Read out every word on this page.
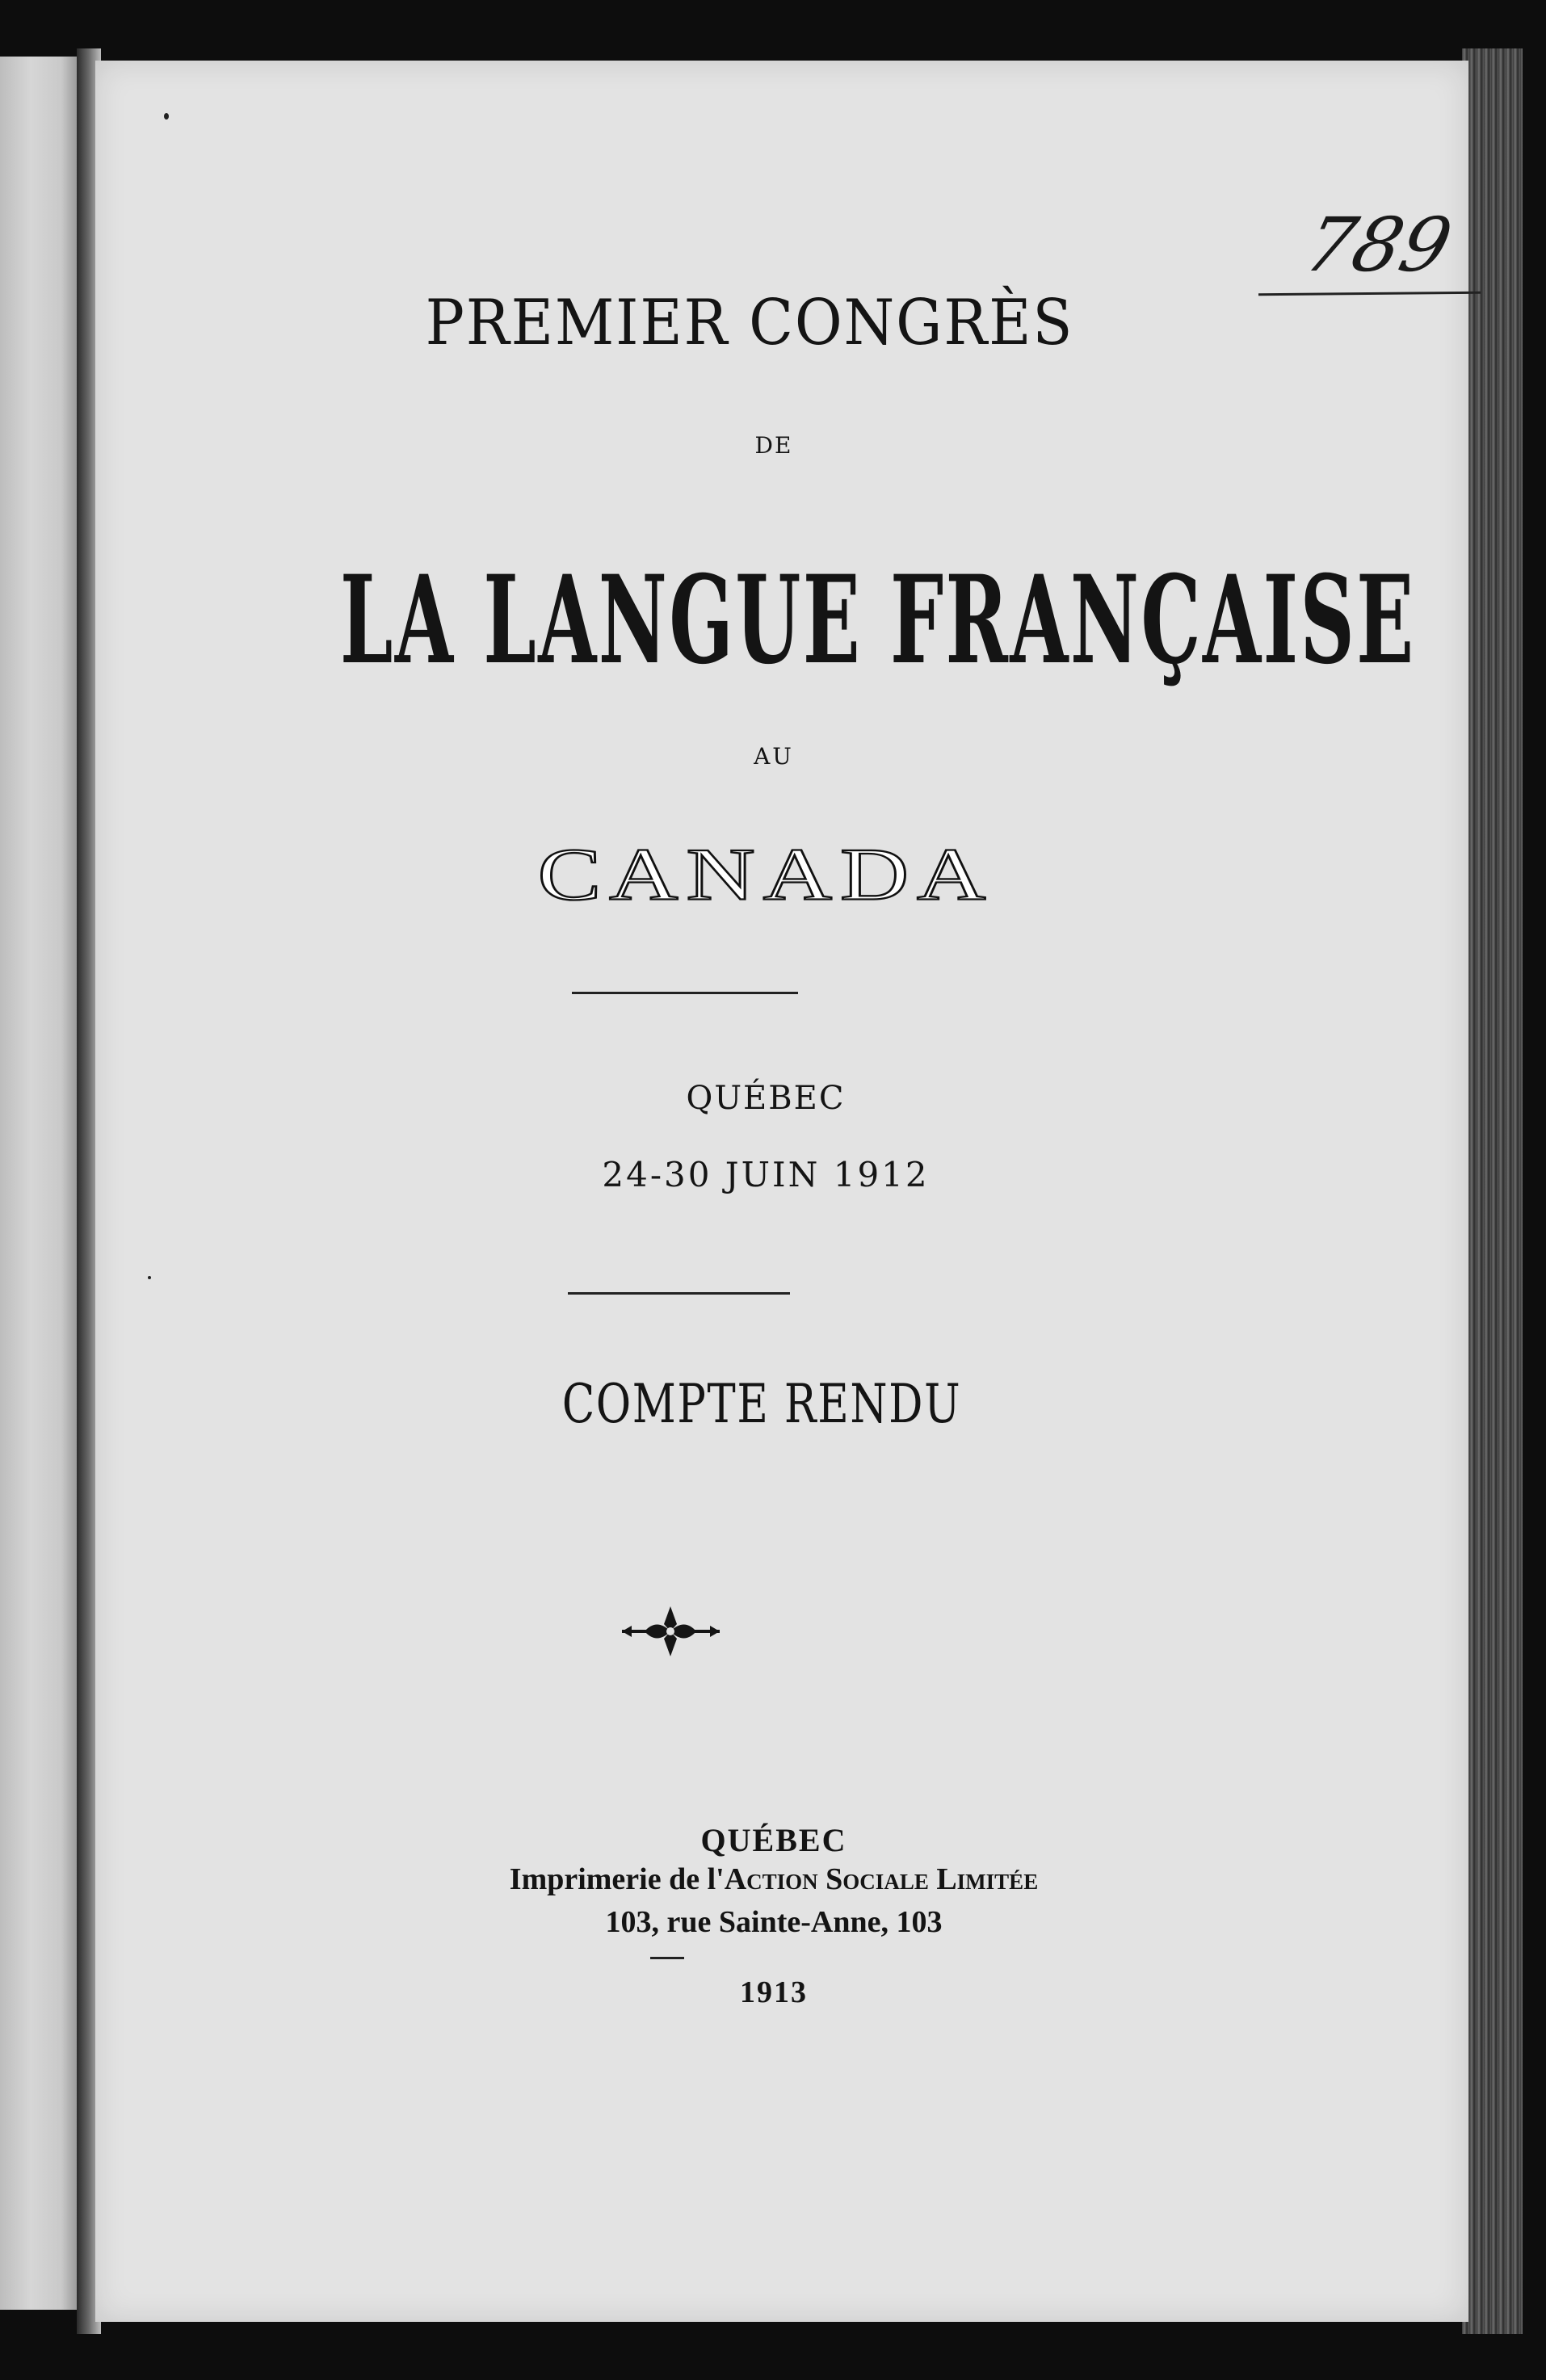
789
PREMIER CONGRÈS
DE
LA LANGUE FRANÇAISE
AU
CANADA
QUÉBEC
24-30 JUIN 1912
COMPTE RENDU
QUÉBEC
Imprimerie de l'Action Sociale Limitée
103, rue Sainte-Anne, 103
1913
